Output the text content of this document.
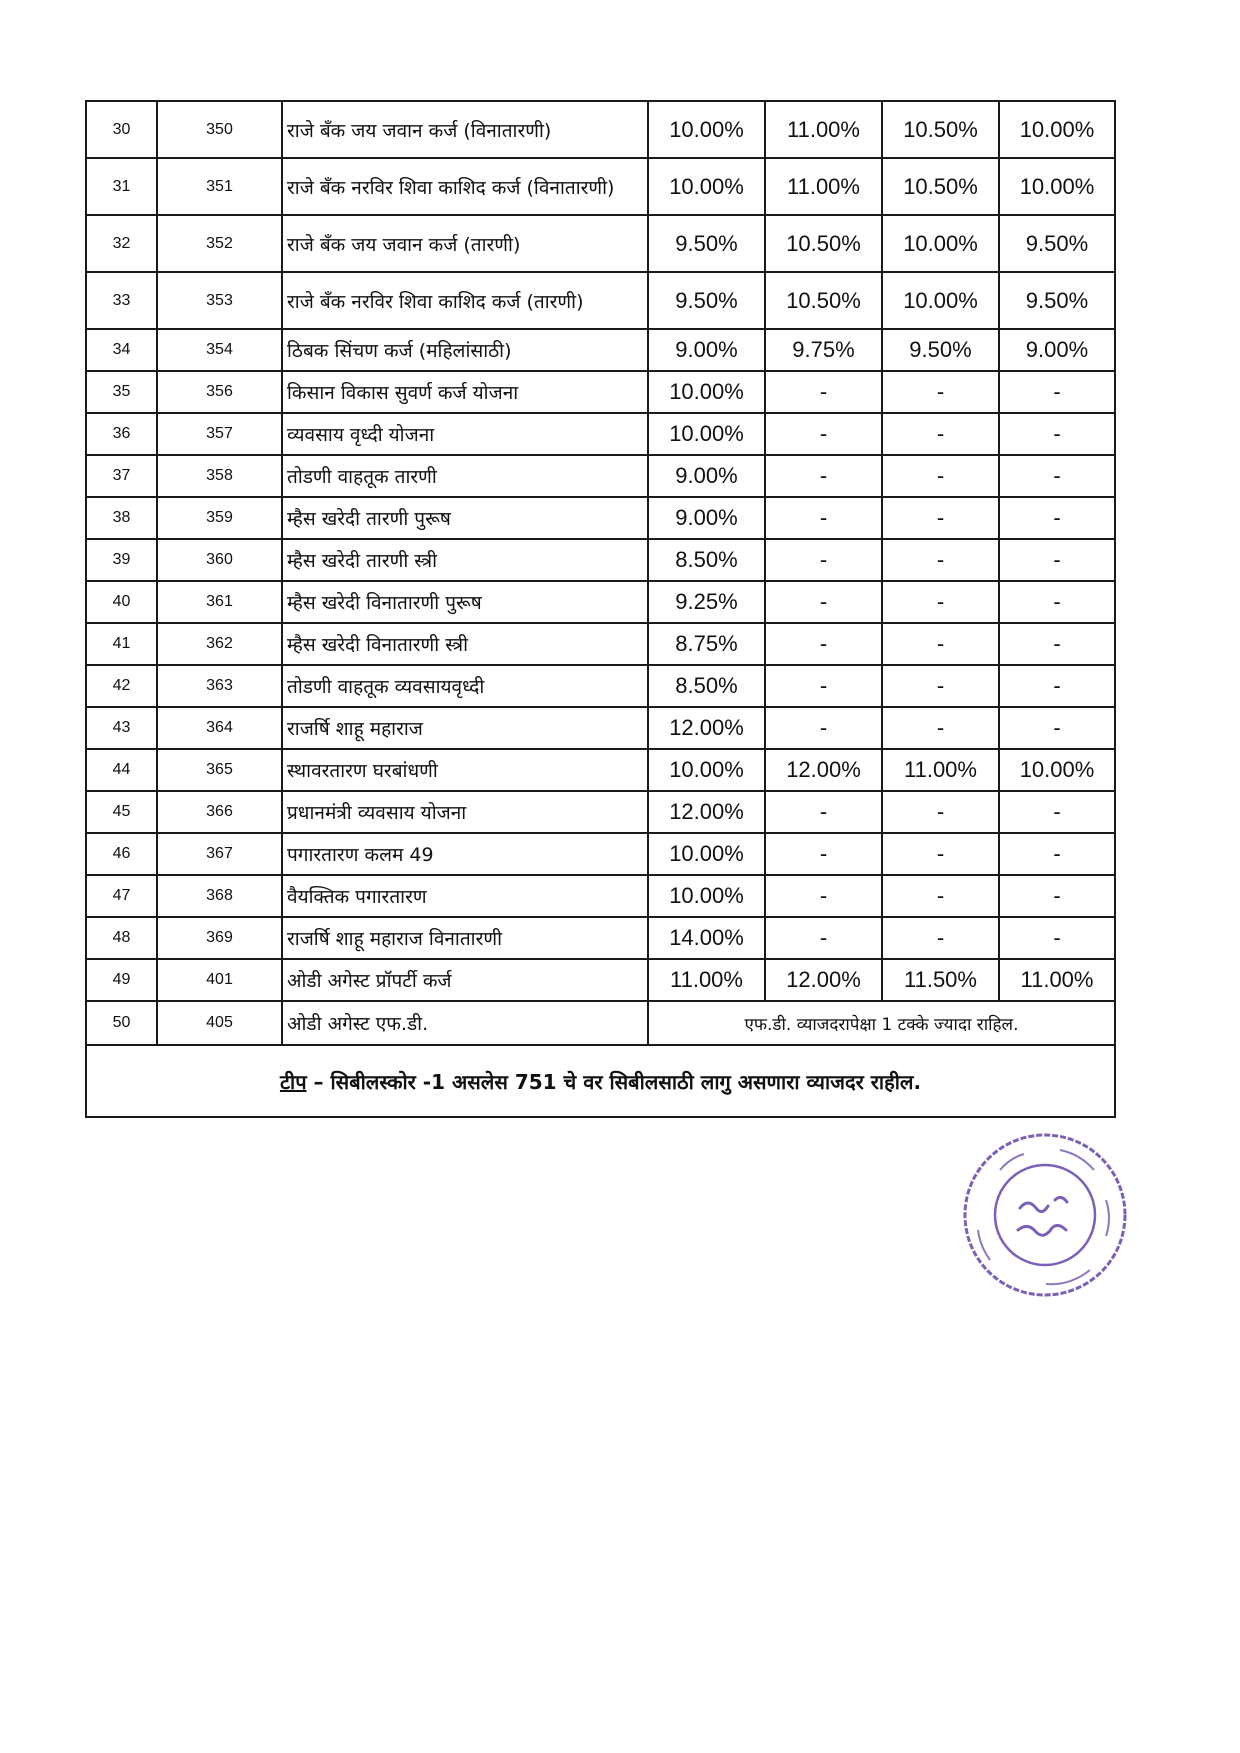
30	350	राजे बॅंक जय जवान कर्ज (विनातारणी)	10.00%	11.00%	10.50%	10.00%
31	351	राजे बॅंक नरविर शिवा काशिद कर्ज (विनातारणी)	10.00%	11.00%	10.50%	10.00%
32	352	राजे बॅंक जय जवान कर्ज (तारणी)	9.50%	10.50%	10.00%	9.50%
33	353	राजे बॅंक नरविर शिवा काशिद कर्ज (तारणी)	9.50%	10.50%	10.00%	9.50%
34	354	ठिबक सिंचण कर्ज (महिलांसाठी)	9.00%	9.75%	9.50%	9.00%
35	356	किसान विकास सुवर्ण कर्ज योजना	10.00%	-	-	-
36	357	व्यवसाय वृध्दी योजना	10.00%	-	-	-
37	358	तोडणी वाहतूक तारणी	9.00%	-	-	-
38	359	म्हैस खरेदी तारणी पुरूष	9.00%	-	-	-
39	360	म्हैस खरेदी तारणी स्त्री	8.50%	-	-	-
40	361	म्हैस खरेदी विनातारणी पुरूष	9.25%	-	-	-
41	362	म्हैस खरेदी विनातारणी स्त्री	8.75%	-	-	-
42	363	तोडणी वाहतूक व्यवसायवृध्दी	8.50%	-	-	-
43	364	राजर्षि शाहू महाराज	12.00%	-	-	-
44	365	स्थावरतारण घरबांधणी	10.00%	12.00%	11.00%	10.00%
45	366	प्रधानमंत्री व्यवसाय योजना	12.00%	-	-	-
46	367	पगारतारण कलम 49	10.00%	-	-	-
47	368	वैयक्तिक पगारतारण	10.00%	-	-	-
48	369	राजर्षि शाहू महाराज विनातारणी	14.00%	-	-	-
49	401	ओडी अगेस्ट प्रॉपर्टी कर्ज	11.00%	12.00%	11.50%	11.00%
50	405	ओडी अगेस्ट एफ.डी.	एफ.डी. व्याजदरापेक्षा 1 टक्के ज्यादा राहिल.			
टीप – सिबीलस्कोर -1 असलेस 751 चे वर सिबीलसाठी लागु असणारा व्याजदर राहील.						
